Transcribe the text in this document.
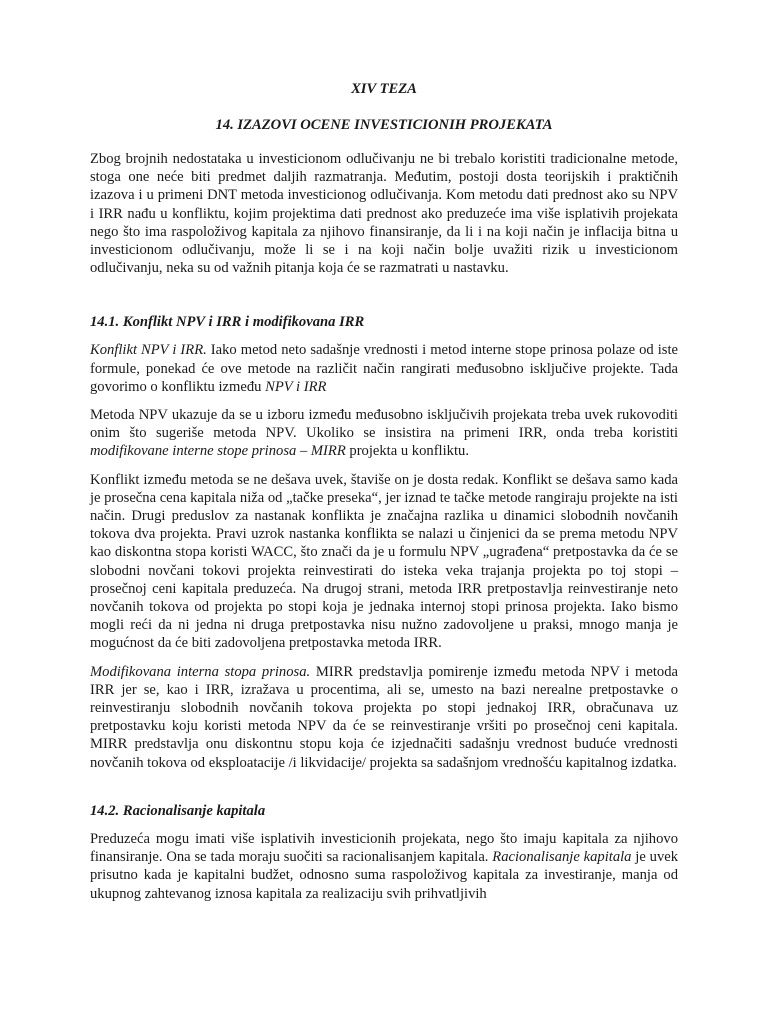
XIV TEZA
14. IZAZOVI OCENE INVESTICIONIH PROJEKATA

Zbog brojnih nedostataka u investicionom odlučivanju ne bi trebalo koristiti tradicionalne metode, stoga one neće biti predmet daljih razmatranja. Međutim, postoji dosta teorijskih i praktičnih izazova i u primeni DNT metoda investicionog odlučivanja. Kom metodu dati prednost ako su NPV i IRR nađu u konfliktu, kojim projektima dati prednost ako preduzeće ima više isplativih projekata nego što ima raspoloživog kapitala za njihovo finansiranje, da li i na koji način je inflacija bitna u investicionom odlučivanju, može li se i na koji način bolje uvažiti rizik u investicionom odlučivanju, neka su od važnih pitanja koja će se razmatrati u nastavku.

14.1. Konflikt NPV i IRR i modifikovana IRR

Konflikt NPV i IRR. Iako metod neto sadašnje vrednosti i metod interne stope prinosa polaze od iste formule, ponekad će ove metode na različit način rangirati međusobno isključive projekte. Tada govorimo o konfliktu između NPV i IRR

Metoda NPV ukazuje da se u izboru između međusobno isključivih projekata treba uvek rukovoditi onim što sugeriše metoda NPV. Ukoliko se insistira na primeni IRR, onda treba koristiti modifikovane interne stope prinosa – MIRR projekta u konfliktu.

Konflikt između metoda se ne dešava uvek, štaviše on je dosta redak. Konflikt se dešava samo kada je prosečna cena kapitala niža od „tačke preseka“, jer iznad te tačke metode rangiraju projekte na isti način. Drugi preduslov za nastanak konflikta je značajna razlika u dinamici slobodnih novčanih tokova dva projekta. Pravi uzrok nastanka konflikta se nalazi u činjenici da se prema metodu NPV kao diskontna stopa koristi WACC, što znači da je u formulu NPV „ugrađena“ pretpostavka da će se slobodni novčani tokovi projekta reinvestirati do isteka veka trajanja projekta po toj stopi – prosečnoj ceni kapitala preduzeća. Na drugoj strani, metoda IRR pretpostavlja reinvestiranje neto novčanih tokova od projekta po stopi koja je jednaka internoj stopi prinosa projekta. Iako bismo mogli reći da ni jedna ni druga pretpostavka nisu nužno zadovoljene u praksi, mnogo manja je mogućnost da će biti zadovoljena pretpostavka metoda IRR.

Modifikovana interna stopa prinosa. MIRR predstavlja pomirenje između metoda NPV i metoda IRR jer se, kao i IRR, izražava u procentima, ali se, umesto na bazi nerealne pretpostavke o reinvestiranju slobodnih novčanih tokova projekta po stopi jednakoj IRR, obračunava uz pretpostavku koju koristi metoda NPV da će se reinvestiranje vršiti po prosečnoj ceni kapitala. MIRR predstavlja onu diskontnu stopu koja će izjednačiti sadašnju vrednost buduće vrednosti novčanih tokova od eksploatacije /i likvidacije/ projekta sa sadašnjom vrednošću kapitalnog izdatka.

14.2. Racionalisanje kapitala

Preduzeća mogu imati više isplativih investicionih projekata, nego što imaju kapitala za njihovo finansiranje. Ona se tada moraju suočiti sa racionalisanjem kapitala. Racionalisanje kapitala je uvek prisutno kada je kapitalni budžet, odnosno suma raspoloživog kapitala za investiranje, manja od ukupnog zahtevanog iznosa kapitala za realizaciju svih prihvatljivih
